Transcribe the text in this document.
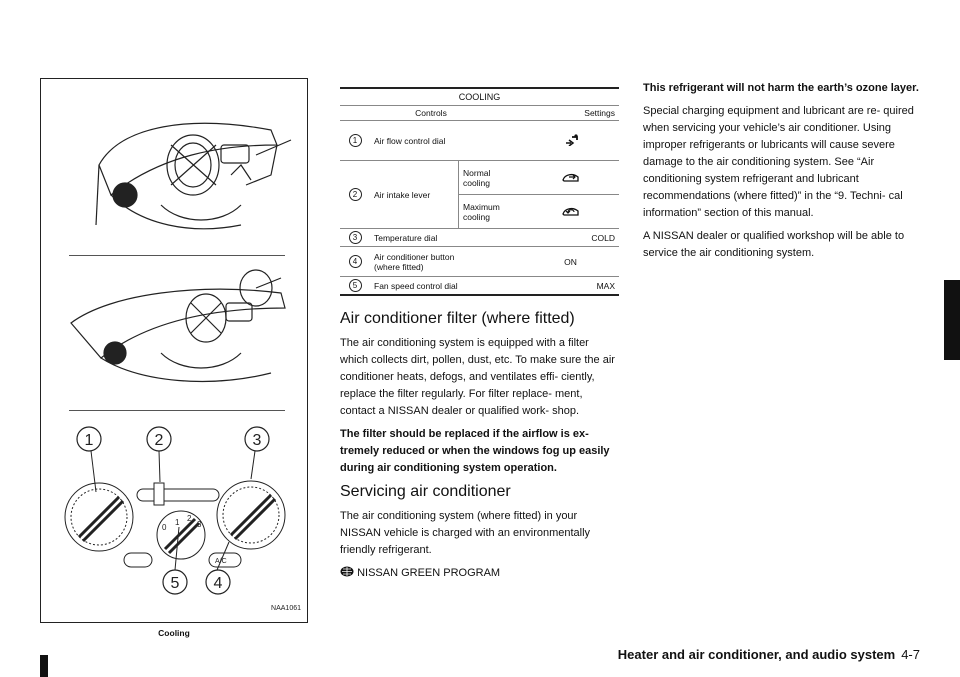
1	2	3
5 4
1 2
3
0
A/C
NAA1061
Cooling
COOLING			
Controls			Settings
1	Air flow control dial	
2	Air intake lever	Normal cooling	
		Maximum cooling	
3	Temperature dial		COLD
4	Air conditioner button (where fitted)		ON
5	Fan speed control dial		MAX
Air conditioner filter (where fitted)

The air conditioning system is equipped with a filter which collects dirt, pollen, dust, etc. To make sure the air conditioner heats, defogs, and ventilates effi- ciently, replace the filter regularly. For filter replace- ment, contact a NISSAN dealer or qualified work- shop.

The filter should be replaced if the airflow is ex- tremely reduced or when the windows fog up easily during air conditioning system operation.

Servicing air conditioner

The air conditioning system (where fitted) in your NISSAN vehicle is charged with an environmentally friendly refrigerant.

NISSAN GREEN PROGRAM

This refrigerant will not harm the earth’s ozone layer.

Special charging equipment and lubricant are re- quired when servicing your vehicle’s air conditioner. Using improper refrigerants or lubricants will cause severe damage to the air conditioning system. See “Air conditioning system refrigerant and lubricant recommendations (where fitted)” in the “9. Techni- cal information” section of this manual.

A NISSAN dealer or qualified workshop will be able to service the air conditioning system.

Heater and air conditioner, and audio system 4-7
